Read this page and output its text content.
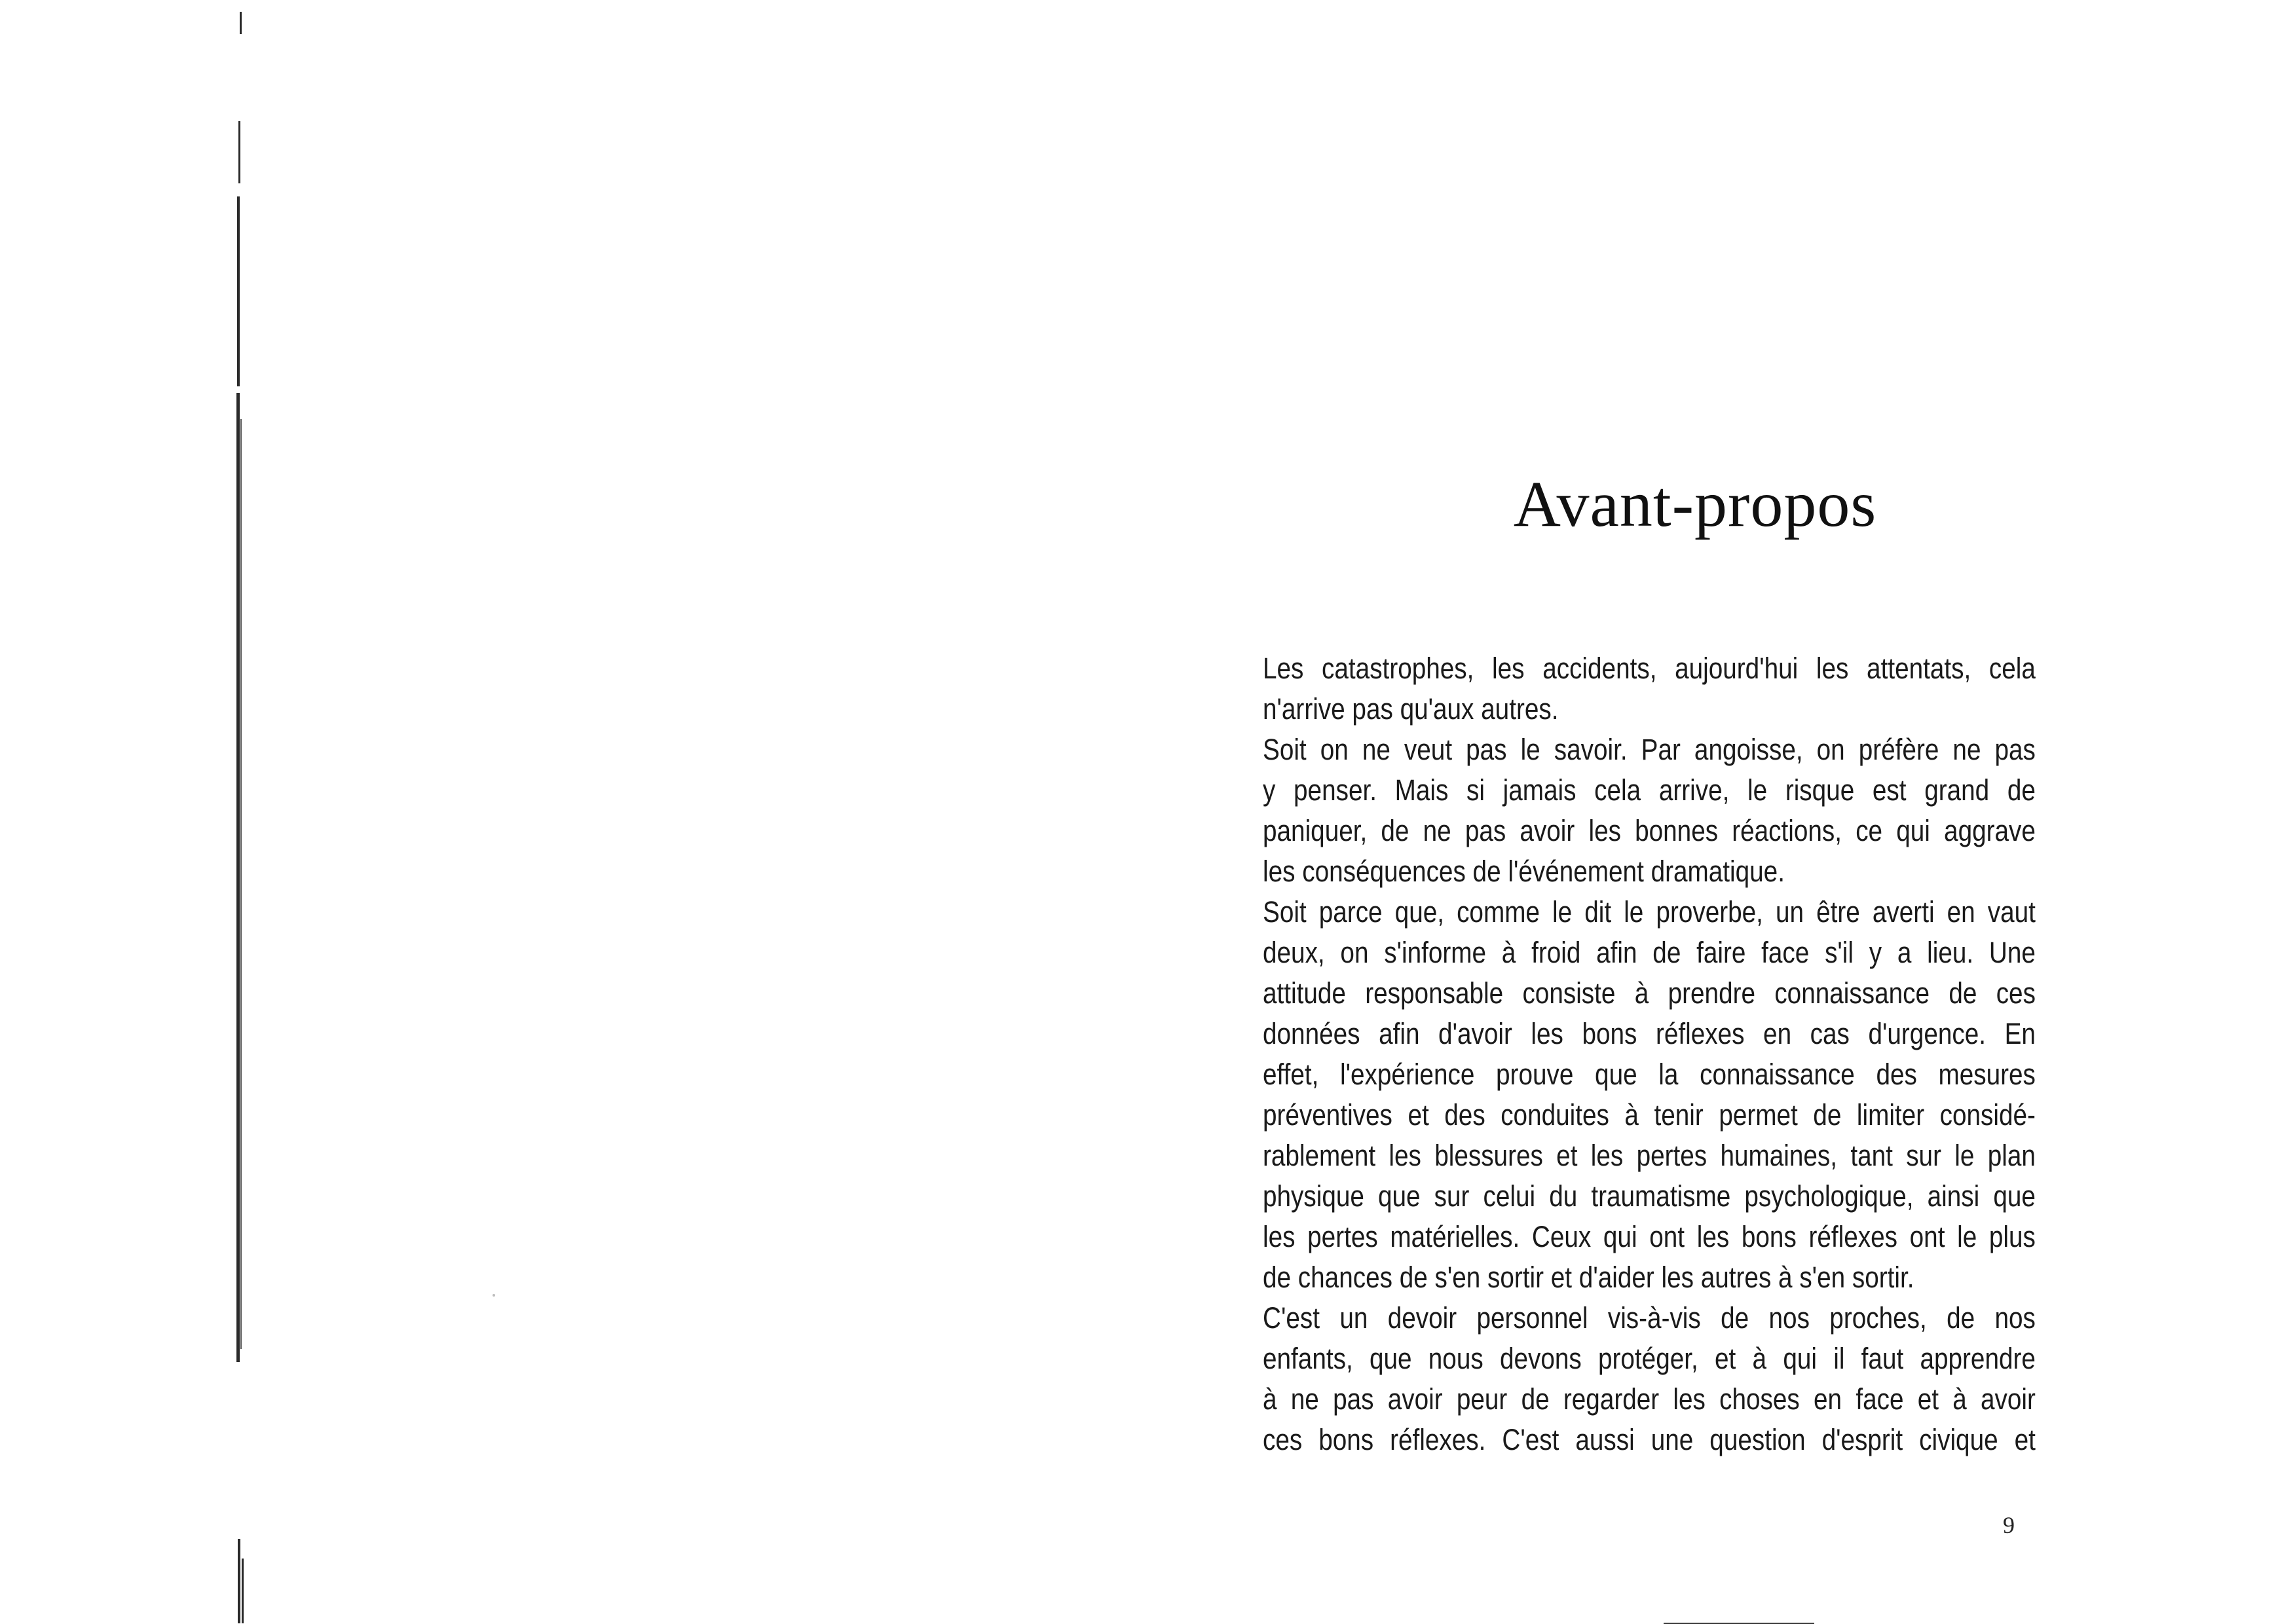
Avant-propos
Les catastrophes, les accidents, aujourd'hui les attentats, cela
n'arrive pas qu'aux autres.
Soit on ne veut pas le savoir. Par angoisse, on préfère ne pas
y penser. Mais si jamais cela arrive, le risque est grand de
paniquer, de ne pas avoir les bonnes réactions, ce qui aggrave
les conséquences de l'événement dramatique.
Soit parce que, comme le dit le proverbe, un être averti en vaut
deux, on s'informe à froid afin de faire face s'il y a lieu. Une
attitude responsable consiste à prendre connaissance de ces
données afin d'avoir les bons réflexes en cas d'urgence. En
effet, l'expérience prouve que la connaissance des mesures
préventives et des conduites à tenir permet de limiter considé-
rablement les blessures et les pertes humaines, tant sur le plan
physique que sur celui du traumatisme psychologique, ainsi que
les pertes matérielles. Ceux qui ont les bons réflexes ont le plus
de chances de s'en sortir et d'aider les autres à s'en sortir.
C'est un devoir personnel vis-à-vis de nos proches, de nos
enfants, que nous devons protéger, et à qui il faut apprendre
à ne pas avoir peur de regarder les choses en face et à avoir
ces bons réflexes. C'est aussi une question d'esprit civique et
9
